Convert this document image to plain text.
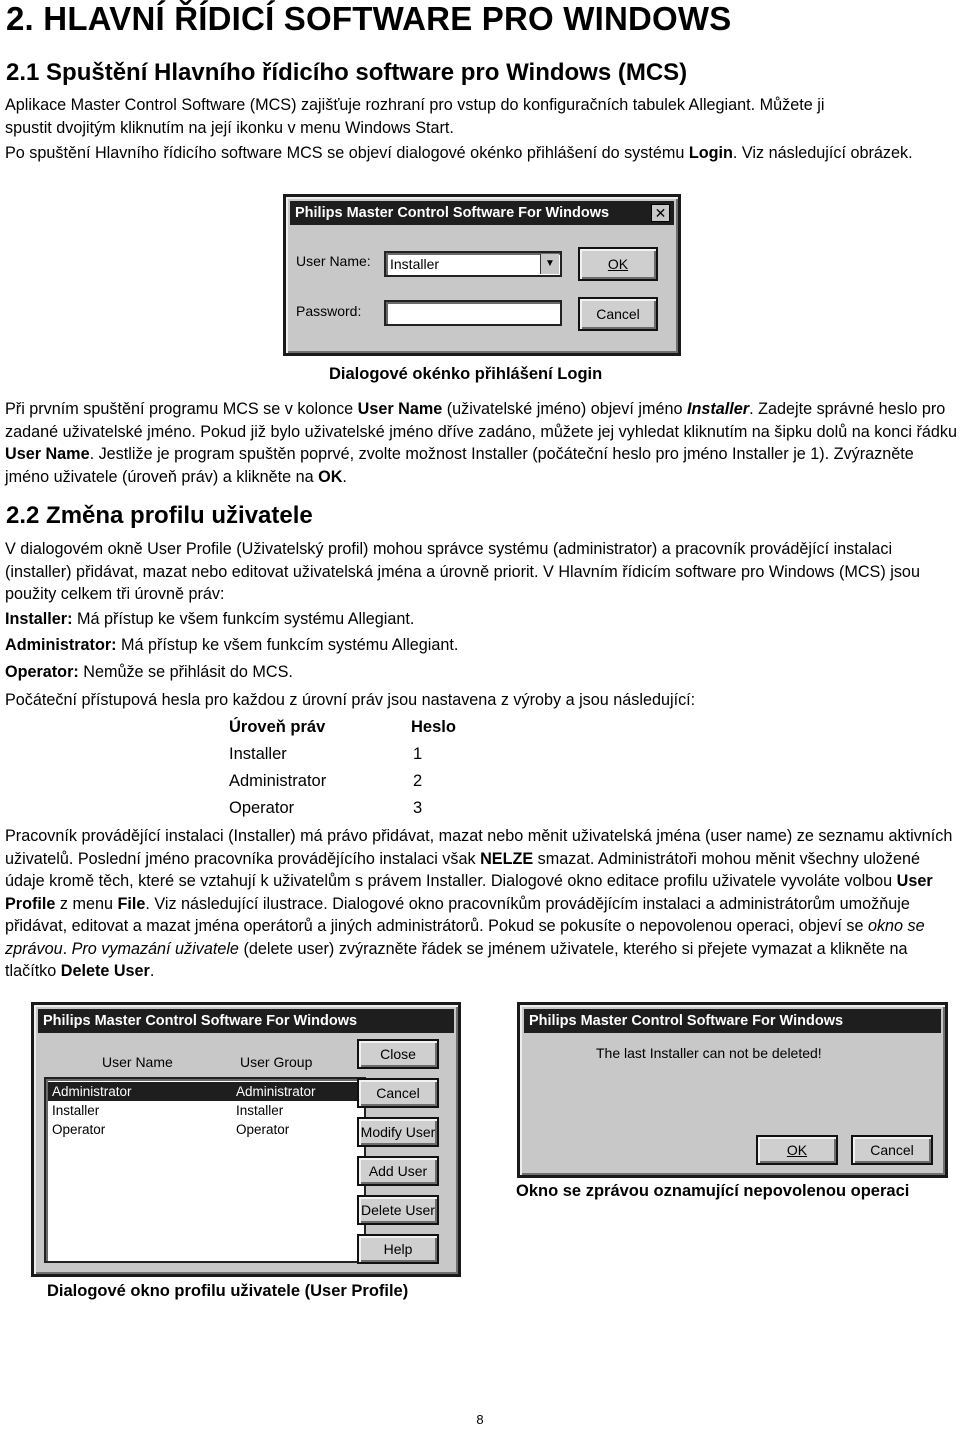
2. HLAVNÍ ŘÍDICÍ SOFTWARE PRO WINDOWS
2.1 Spuštění Hlavního řídicího software pro Windows (MCS)

Aplikace Master Control Software (MCS) zajišťuje rozhraní pro vstup do konfiguračních tabulek Allegiant. Můžete ji
spustit dvojitým kliknutím na její ikonku v menu Windows Start.

Po spuštění Hlavního řídicího software MCS se objeví dialogové okénko přihlášení do systému Login. Viz následující obrázek.

Philips Master Control Software For Windows	✕
User Name:	Installer	▼	OK
Password:	Cancel

Dialogové okénko přihlášení Login

Při prvním spuštění programu MCS se v kolonce User Name (uživatelské jméno) objeví jméno Installer. Zadejte správné heslo pro zadané uživatelské jméno. Pokud již bylo uživatelské jméno dříve zadáno, můžete jej vyhledat kliknutím na šipku dolů na konci řádku User Name. Jestliže je program spuštěn poprvé, zvolte možnost Installer (počáteční heslo pro jméno Installer je 1). Zvýrazněte jméno uživatele (úroveň práv) a klikněte na OK.

2.2 Změna profilu uživatele

V dialogovém okně User Profile (Uživatelský profil) mohou správce systému (administrator) a pracovník provádějící instalaci (installer) přidávat, mazat nebo editovat uživatelská jména a úrovně priorit. V Hlavním řídicím software pro Windows (MCS) jsou použity celkem tři úrovně práv:

Installer: Má přístup ke všem funkcím systému Allegiant.

Administrator: Má přístup ke všem funkcím systému Allegiant.

Operator: Nemůže se přihlásit do MCS.

Počáteční přístupová hesla pro každou z úrovní práv jsou nastavena z výroby a jsou následující:

Úroveň práv	Heslo

Installer	1

Administrator	2

Operator	3

Pracovník provádějící instalaci (Installer) má právo přidávat, mazat nebo měnit uživatelská jména (user name) ze seznamu aktivních uživatelů. Poslední jméno pracovníka provádějícího instalaci však NELZE smazat. Administrátoři mohou měnit všechny uložené údaje kromě těch, které se vztahují k uživatelům s právem Installer. Dialogové okno editace profilu uživatele vyvoláte volbou User Profile z menu File. Viz následující ilustrace. Dialogové okno pracovníkům provádějícím instalaci a administrátorům umožňuje přidávat, editovat a mazat jména operátorů a jiných administrátorů. Pokud se pokusíte o nepovolenou operaci, objeví se okno se zprávou. Pro vymazání uživatele (delete user) zvýrazněte řádek se jménem uživatele, kterého si přejete vymazat a klikněte na tlačítko Delete User.

Philips Master Control Software For Windows
User Name	User Group
Administrator	Administrator
Installer	Installer
Operator	Operator
Close
Cancel
Modify User
Add User
Delete User
Help

Dialogové okno profilu uživatele (User Profile)

Philips Master Control Software For Windows
The last Installer can not be deleted!
OK	Cancel

Okno se zprávou oznamující nepovolenou operaci

8
